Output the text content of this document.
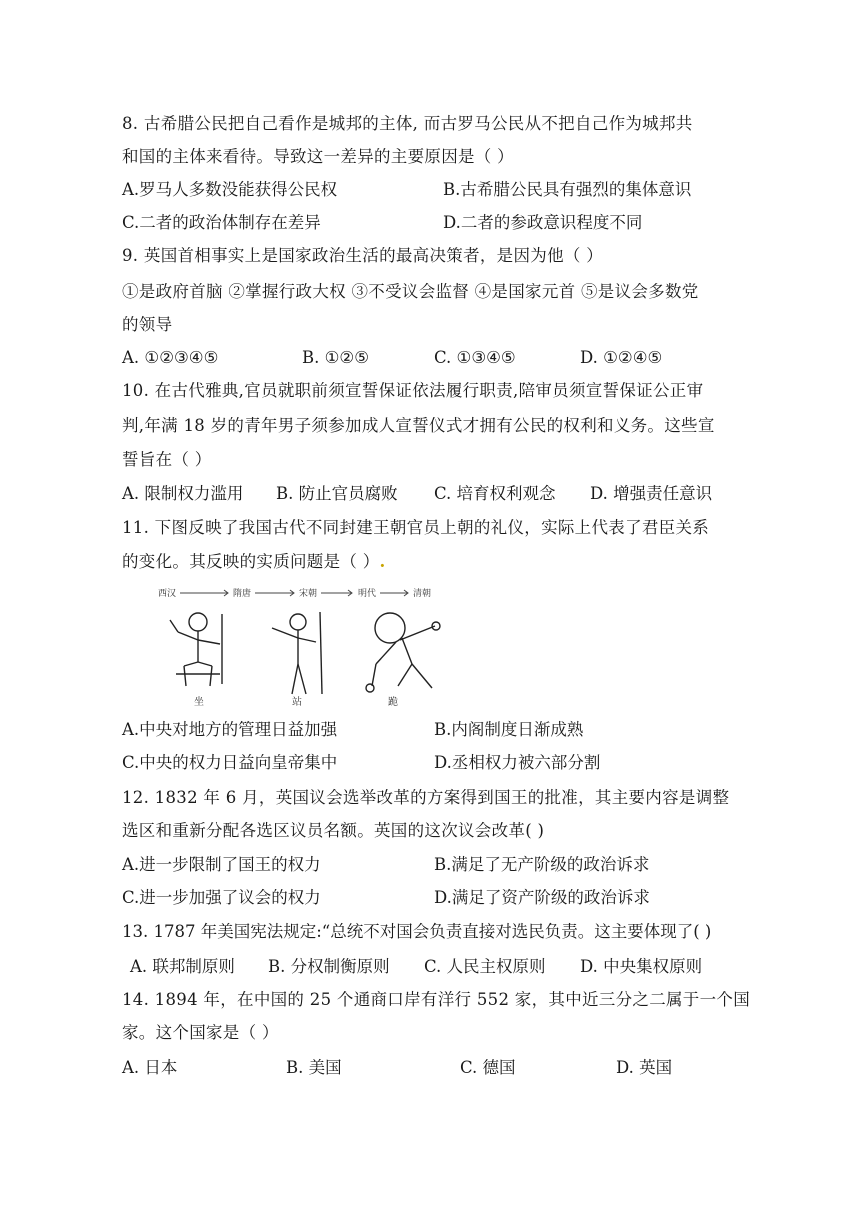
8. 古希腊公民把自己看作是城邦的主体, 而古罗马公民从不把自己作为城邦共
和国的主体来看待。导致这一差异的主要原因是（ ）
A.罗马人多数没能获得公民权	B.古希腊公民具有强烈的集体意识
C.二者的政治体制存在差异	D.二者的参政意识程度不同
9. 英国首相事实上是国家政治生活的最高决策者，是因为他（ ）
①是政府首脑 ②掌握行政大权 ③不受议会监督 ④是国家元首 ⑤是议会多数党
的领导
A. ①②③④⑤	B. ①②⑤	C. ①③④⑤	D. ①②④⑤
10. 在古代雅典,官员就职前须宣誓保证依法履行职责,陪审员须宣誓保证公正审
判,年满 18 岁的青年男子须参加成人宣誓仪式才拥有公民的权利和义务。这些宣
誓旨在（ ）
A. 限制权力滥用 B. 防止官员腐败 C. 培育权利观念 D. 增强责任意识
11. 下图反映了我国古代不同封建王朝官员上朝的礼仪，实际上代表了君臣关系
的变化。其反映的实质问题是（ ）.
西汉	隋唐	宋朝	明代	清朝
坐	站	跪
A.中央对地方的管理日益加强	B.内阁制度日渐成熟
C.中央的权力日益向皇帝集中	D.丞相权力被六部分割
12. 1832 年 6 月，英国议会选举改革的方案得到国王的批准，其主要内容是调整
选区和重新分配各选区议员名额。英国的这次议会改革( )
A.进一步限制了国王的权力	B.满足了无产阶级的政治诉求
C.进一步加强了议会的权力	D.满足了资产阶级的政治诉求
13. 1787 年美国宪法规定:“总统不对国会负责直接对选民负责。这主要体现了( )
A. 联邦制原则 B. 分权制衡原则 C. 人民主权原则 D. 中央集权原则
14. 1894 年，在中国的 25 个通商口岸有洋行 552 家，其中近三分之二属于一个国
家。这个国家是（ ）
A. 日本	B. 美国	C. 德国	D. 英国
